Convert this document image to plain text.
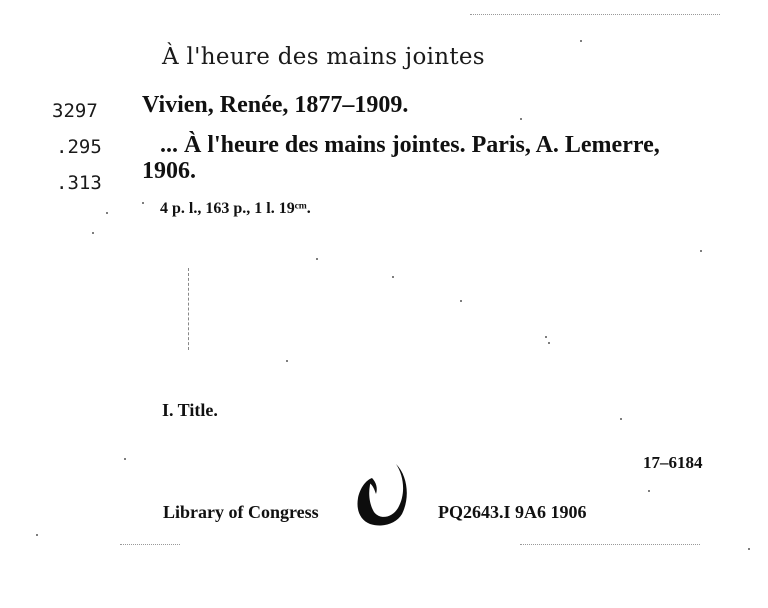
À l'heure des mains jointes
3297
.295
.313
Vivien, Renée, 1877–1909.
... À l'heure des mains jointes. Paris, A. Lemerre,
1906.
4 p. l., 163 p., 1 l. 19ᶜᵐ.
I. Title.
17–6184
Library of Congress	PQ2643.I 9A6 1906
